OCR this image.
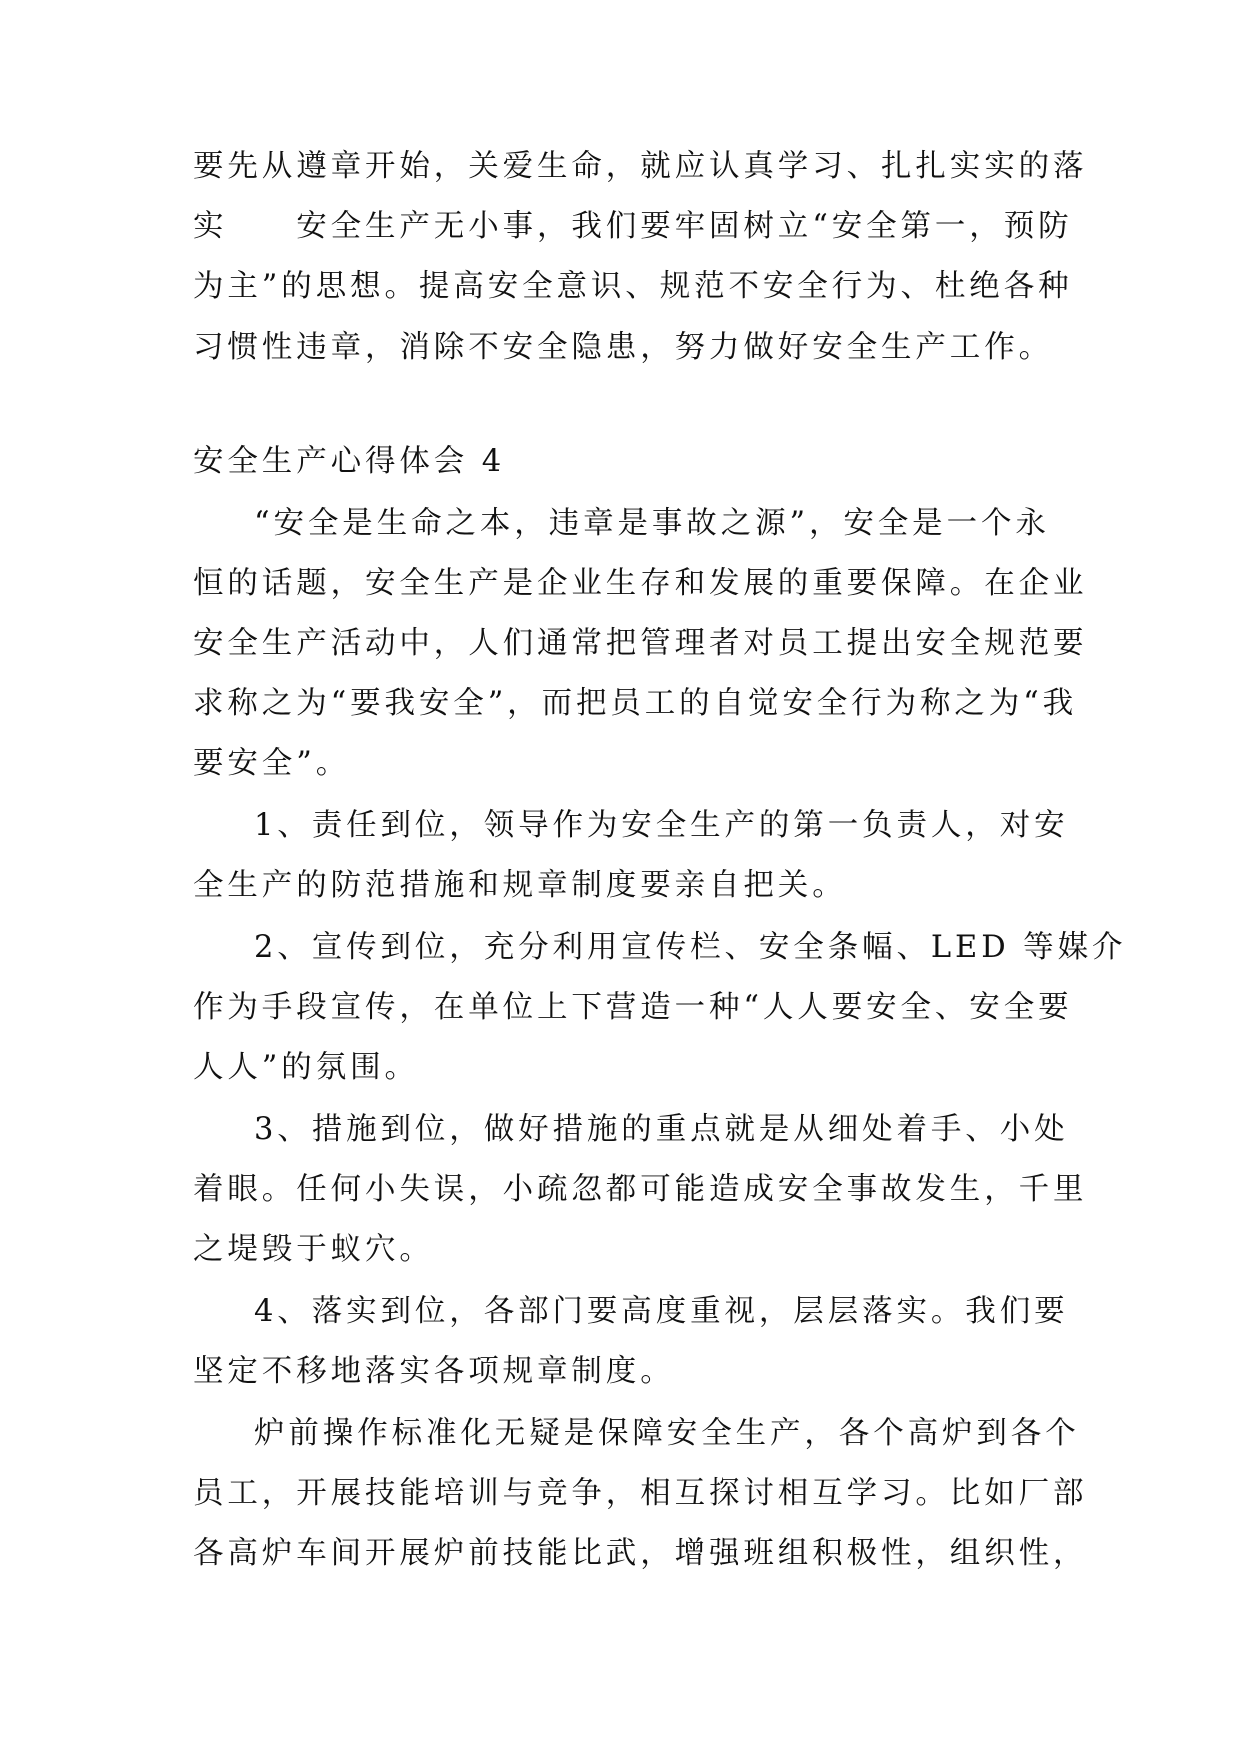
要先从遵章开始，关爱生命，就应认真学习、扎扎实实的落
实　　安全生产无小事，我们要牢固树立“安全第一，预防
为主”的思想。提高安全意识、规范不安全行为、杜绝各种
习惯性违章，消除不安全隐患，努力做好安全生产工作。
安全生产心得体会 4
“安全是生命之本，违章是事故之源”，安全是一个永
恒的话题，安全生产是企业生存和发展的重要保障。在企业
安全生产活动中，人们通常把管理者对员工提出安全规范要
求称之为“要我安全”，而把员工的自觉安全行为称之为“我
要安全”。
1、责任到位，领导作为安全生产的第一负责人，对安
全生产的防范措施和规章制度要亲自把关。
2、宣传到位，充分利用宣传栏、安全条幅、LED 等媒介
作为手段宣传，在单位上下营造一种“人人要安全、安全要
人人”的氛围。
3、措施到位，做好措施的重点就是从细处着手、小处
着眼。任何小失误，小疏忽都可能造成安全事故发生，千里
之堤毁于蚁穴。
4、落实到位，各部门要高度重视，层层落实。我们要
坚定不移地落实各项规章制度。
炉前操作标准化无疑是保障安全生产，各个高炉到各个
员工，开展技能培训与竞争，相互探讨相互学习。比如厂部
各高炉车间开展炉前技能比武，增强班组积极性，组织性，
